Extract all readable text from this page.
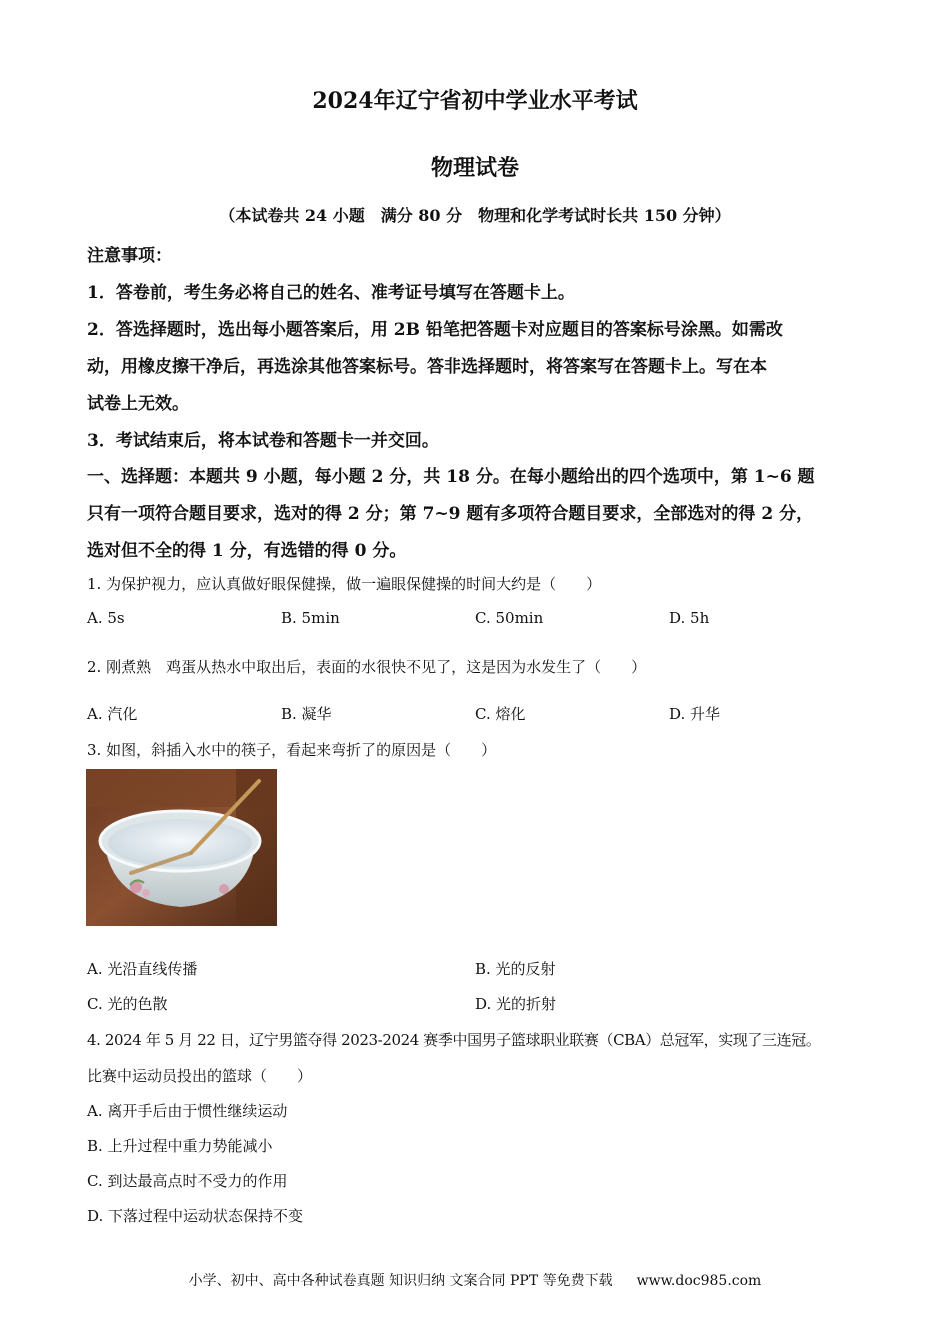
2024年辽宁省初中学业水平考试
物理试卷
（本试卷共 24 小题　满分 80 分　物理和化学考试时长共 150 分钟）
注意事项：
1．答卷前，考生务必将自己的姓名、准考证号填写在答题卡上。
2．答选择题时，选出每小题答案后，用 2B 铅笔把答题卡对应题目的答案标号涂黑。如需改
动，用橡皮擦干净后，再选涂其他答案标号。答非选择题时，将答案写在答题卡上。写在本
试卷上无效。
3．考试结束后，将本试卷和答题卡一并交回。
一、选择题：本题共 9 小题，每小题 2 分，共 18 分。在每小题给出的四个选项中，第 1~6 题
只有一项符合题目要求，选对的得 2 分；第 7~9 题有多项符合题目要求，全部选对的得 2 分，
选对但不全的得 1 分，有选错的得 0 分。
1. 为保护视力，应认真做好眼保健操，做一遍眼保健操的时间大约是（　　）
A. 5s	B. 5min	C. 50min	D. 5h
2. 刚煮熟　鸡蛋从热水中取出后，表面的水很快不见了，这是因为水发生了（　　）
A. 汽化	B. 凝华	C. 熔化	D. 升华
3. 如图，斜插入水中的筷子，看起来弯折了的原因是（　　）
A. 光沿直线传播	B. 光的反射
C. 光的色散	D. 光的折射
4. 2024 年 5 月 22 日，辽宁男篮夺得 2023-2024 赛季中国男子篮球职业联赛（CBA）总冠军，实现了三连冠。
比赛中运动员投出的篮球（　　）
A. 离开手后由于惯性继续运动
B. 上升过程中重力势能减小
C. 到达最高点时不受力的作用
D. 下落过程中运动状态保持不变
小学、初中、高中各种试卷真题 知识归纳 文案合同 PPT 等免费下载 www.doc985.com
